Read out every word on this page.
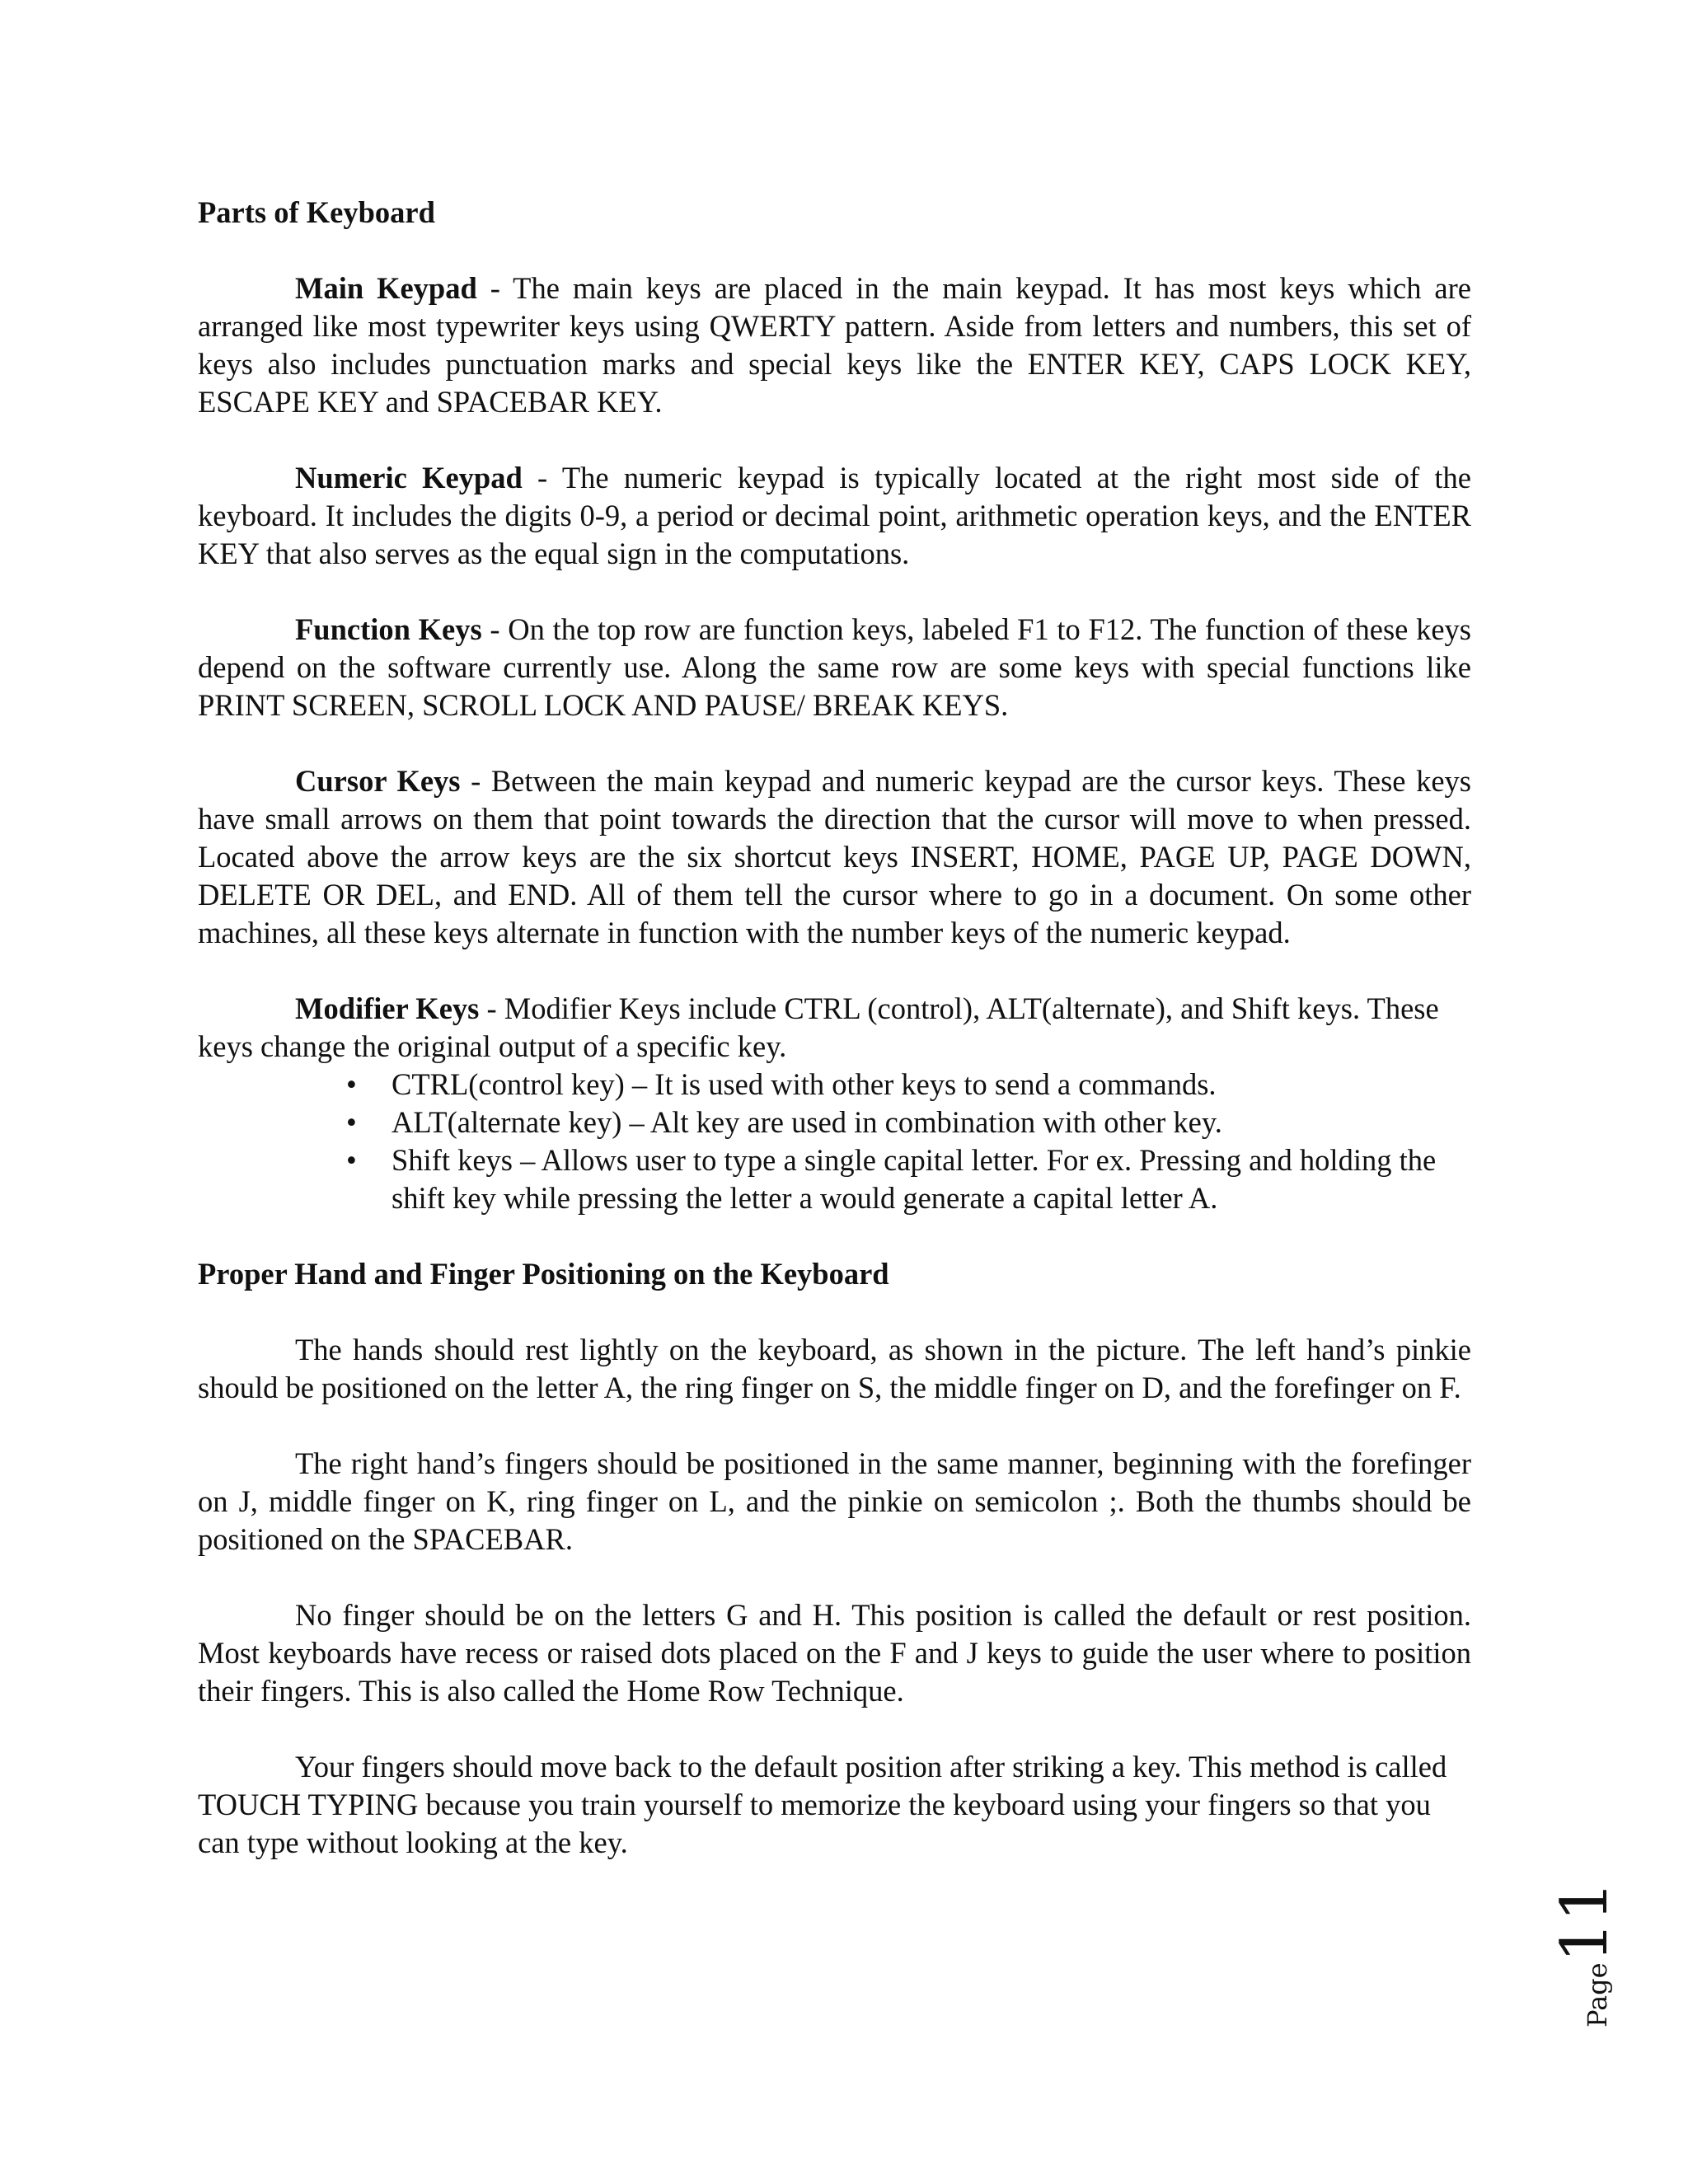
Parts of Keyboard

Main Keypad - The main keys are placed in the main keypad. It has most keys which are arranged like most typewriter keys using QWERTY pattern. Aside from letters and numbers, this set of keys also includes punctuation marks and special keys like the ENTER KEY, CAPS LOCK KEY, ESCAPE KEY and SPACEBAR KEY.

Numeric Keypad - The numeric keypad is typically located at the right most side of the keyboard. It includes the digits 0-9, a period or decimal point, arithmetic operation keys, and the ENTER KEY that also serves as the equal sign in the computations.

Function Keys - On the top row are function keys, labeled F1 to F12. The function of these keys depend on the software currently use. Along the same row are some keys with special functions like PRINT SCREEN, SCROLL LOCK AND PAUSE/ BREAK KEYS.

Cursor Keys - Between the main keypad and numeric keypad are the cursor keys. These keys have small arrows on them that point towards the direction that the cursor will move to when pressed. Located above the arrow keys are the six shortcut keys INSERT, HOME, PAGE UP, PAGE DOWN, DELETE OR DEL, and END. All of them tell the cursor where to go in a document. On some other machines, all these keys alternate in function with the number keys of the numeric keypad.

Modifier Keys - Modifier Keys include CTRL (control), ALT(alternate), and Shift keys. These keys change the original output of a specific key.

• CTRL(control key) – It is used with other keys to send a commands.
• ALT(alternate key) – Alt key are used in combination with other key.
• Shift keys – Allows user to type a single capital letter. For ex. Pressing and holding the shift key while pressing the letter a would generate a capital letter A.

Proper Hand and Finger Positioning on the Keyboard

The hands should rest lightly on the keyboard, as shown in the picture. The left hand’s pinkie should be positioned on the letter A, the ring finger on S, the middle finger on D, and the forefinger on F.

The right hand’s fingers should be positioned in the same manner, beginning with the forefinger on J, middle finger on K, ring finger on L, and the pinkie on semicolon ;. Both the thumbs should be positioned on the SPACEBAR.

No finger should be on the letters G and H. This position is called the default or rest position. Most keyboards have recess or raised dots placed on the F and J keys to guide the user where to position their fingers. This is also called the Home Row Technique.

Your fingers should move back to the default position after striking a key. This method is called TOUCH TYPING because you train yourself to memorize the keyboard using your fingers so that you can type without looking at the key.

Page11
